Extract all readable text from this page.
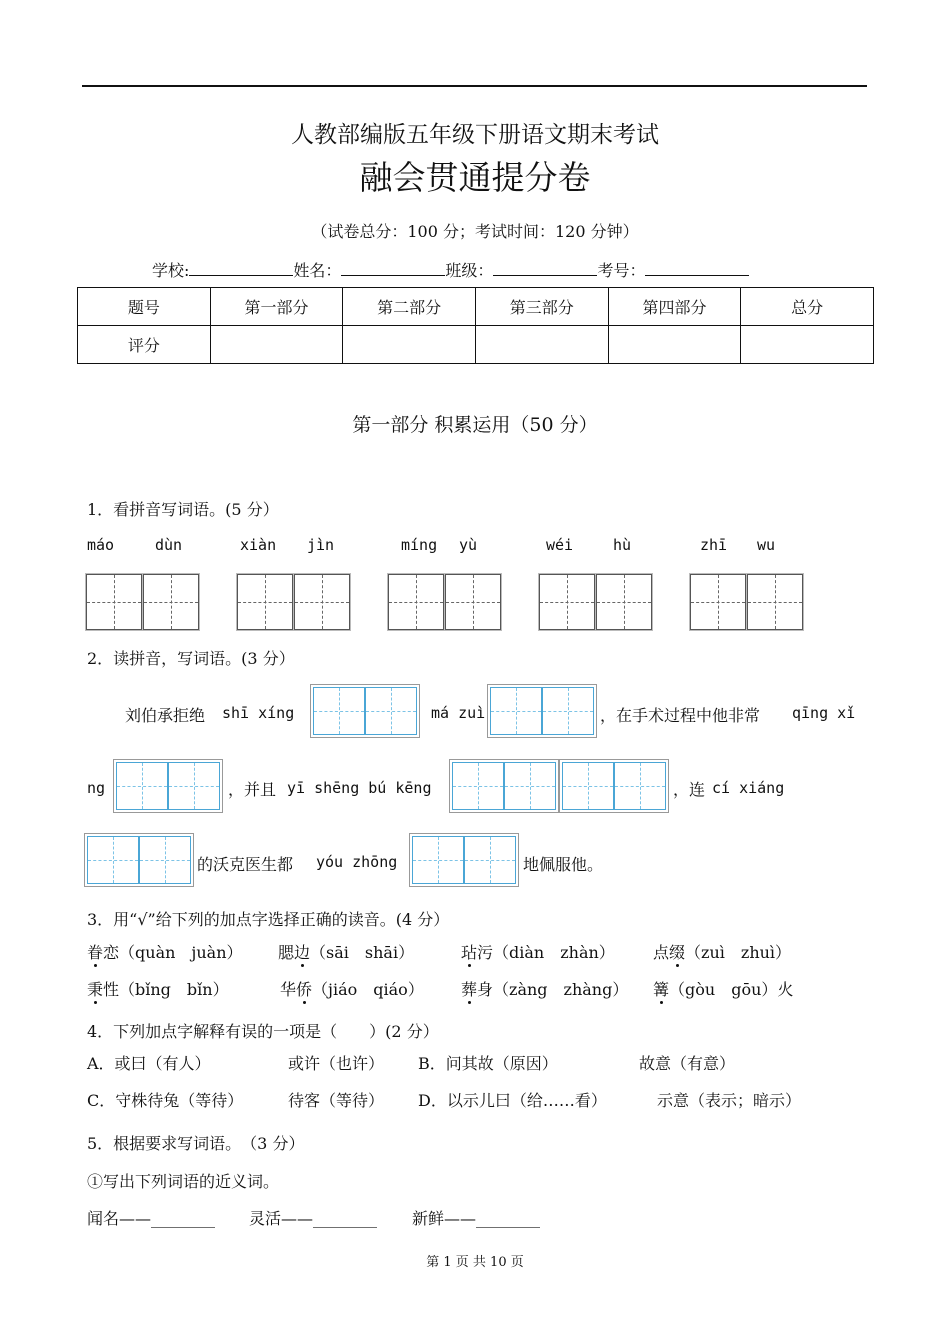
人教部编版五年级下册语文期末考试
融会贯通提分卷
（试卷总分：100 分；考试时间：120 分钟）
学校:	姓名：	班级：	考号：
题号	第一部分	第二部分	第三部分	第四部分	总分
评分					
第一部分 积累运用（50 分）
1．看拼音写词语。(5 分）
máo	dùn	xiàn jìn	míng yù	wéi	hù	zhī wu
2．读拼音，写词语。(3 分）
刘伯承拒绝 shī xíng	má zuì	，在手术过程中他非常 qīng xǐ
ng	，并且 yī shēng bú kēng	，连 cí xiáng
的沃克医生都 yóu zhōng	地佩服他。
3．用“√”给下列的加点字选择正确的读音。(4 分）
眷恋（quàn　juàn） 腮边（sāi　shāi）	玷污（diàn　zhàn） 点缀（zuì　zhuì）
秉性（bǐng　bǐn）	华侨（jiáo　qiáo） 葬身（zàng　zhàng） 篝（gòu　gōu）火
4．下列加点字解释有误的一项是（　　）(2 分）
A．或曰（有人）	或许（也许） B．问其故（原因）	故意（有意）
C．守株待兔（等待）	待客（等待） D．以示儿曰（给……看）	示意（表示；暗示）
5．根据要求写词语。　（3 分）
①写出下列词语的近义词。
闻名——________ 灵活——________ 新鲜——________
第 1 页 共 10 页
